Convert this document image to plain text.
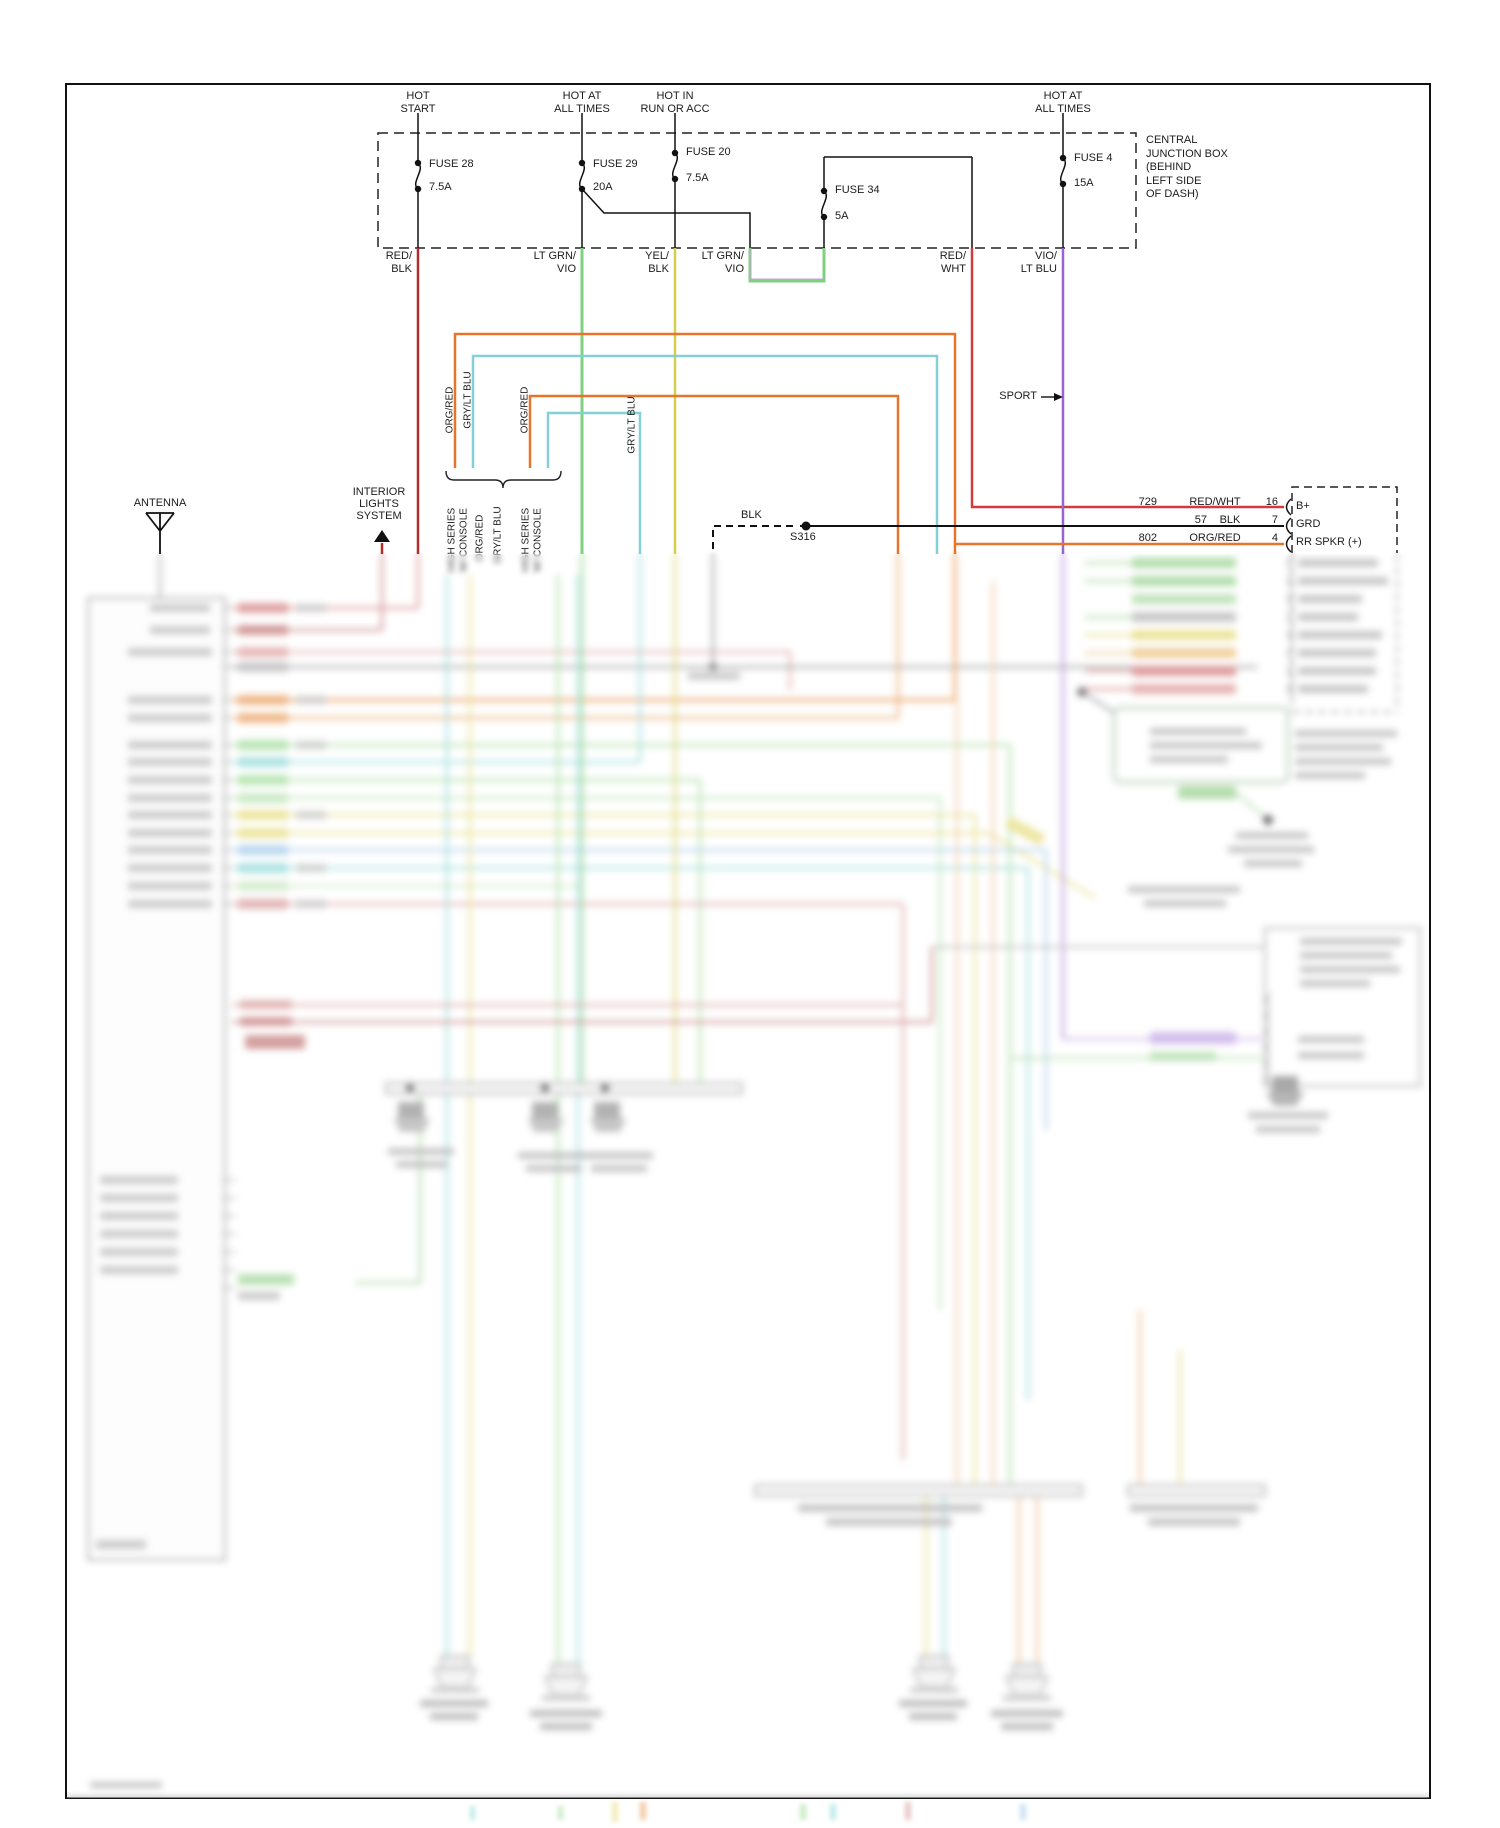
HOT
START
HOT AT
ALL TIMES
HOT IN
RUN OR ACC
HOT AT
ALL TIMES
FUSE 28
7.5A
FUSE 29
20A
FUSE 20
7.5A
FUSE 34
5A
FUSE 4
15A
CENTRAL
JUNCTION BOX
(BEHIND
LEFT SIDE
OF DASH)
RED/
BLK
LT GRN/
VIO
YEL/
BLK
LT GRN/
VIO
RED/
WHT
VIO/
LT BLU
SPORT
ANTENNA
INTERIOR
LIGHTS
SYSTEM	BLK
S316
ORG/RED GRY/LT BLU	ORG/RED	GRY/LT BLU
HIGH SERIES W/ CONSOLE ORG/RED GRY/LT BLU HIGH SERIES W/ CONSOLE
729	RED/WHT	16 B+
57	BLK	7 GRD
802	ORG/RED	4 RR SPKR (+)
